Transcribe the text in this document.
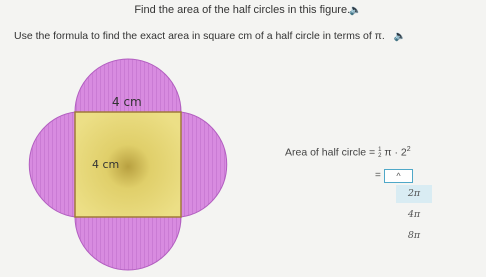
Find the area of the half circles in this figure. 🔈
Use the formula to find the exact area in square cm of a half circle in terms of π. 🔈
4 cm
4 cm
Area of half circle = 1
2 $\pi \cdot 2^2$
=	^
2π
4π
8π
